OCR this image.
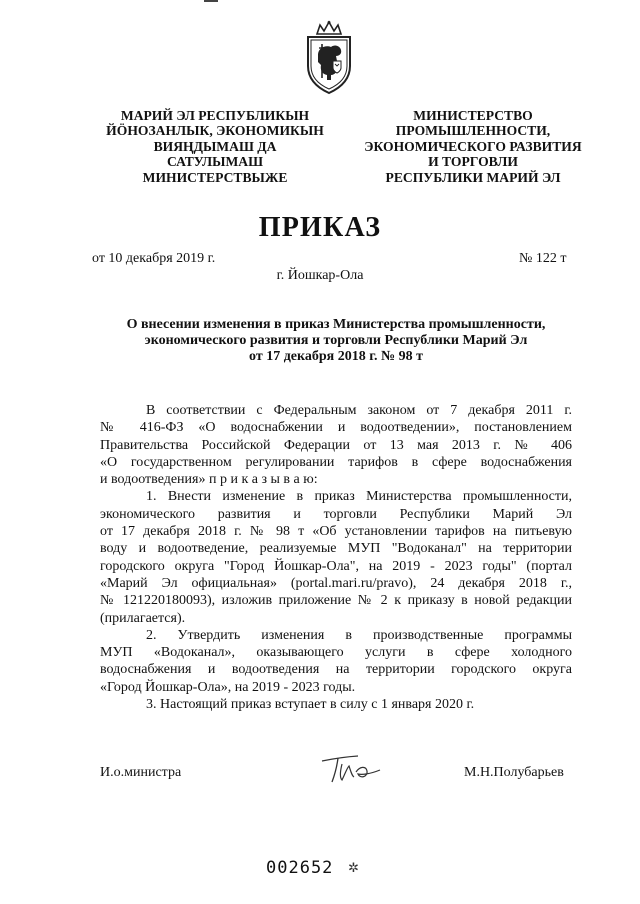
МАРИЙ ЭЛ РЕСПУБЛИКЫН
ЙÖНОЗАНЛЫК, ЭКОНОМИКЫН
ВИЯҢДЫМАШ ДА
САТУЛЫМАШ
МИНИСТЕРСТВЫЖЕ
МИНИСТЕРСТВО
ПРОМЫШЛЕННОСТИ,
ЭКОНОМИЧЕСКОГО РАЗВИТИЯ
И ТОРГОВЛИ
РЕСПУБЛИКИ МАРИЙ ЭЛ
ПРИКАЗ
от 10 декабря 2019 г.	№ 122 т
г. Йошкар-Ола
О внесении изменения в приказ Министерства промышленности,
экономического развития и торговли Республики Марий Эл
от 17 декабря 2018 г. № 98 т
В соответствии с Федеральным законом от 7 декабря 2011 г.
№ 416-ФЗ «О водоснабжении и водоотведении», постановлением
Правительства Российской Федерации от 13 мая 2013 г. № 406
«О государственном регулировании тарифов в сфере водоснабжения
и водоотведения» п р и к а з ы в а ю:
1. Внести изменение в приказ Министерства промышленности,
экономического развития и торговли Республики Марий Эл
от 17 декабря 2018 г. № 98 т «Об установлении тарифов на питьевую
воду и водоотведение, реализуемые МУП "Водоканал" на территории
городского округа "Город Йошкар-Ола", на 2019 - 2023 годы" (портал
«Марий Эл официальная» (portal.mari.ru/pravo), 24 декабря 2018 г.,
№ 121220180093), изложив приложение № 2 к приказу в новой редакции
(прилагается).
2. Утвердить изменения в производственные программы
МУП «Водоканал», оказывающего услуги в сфере холодного
водоснабжения и водоотведения на территории городского округа
«Город Йошкар-Ола», на 2019 - 2023 годы.
3. Настоящий приказ вступает в силу с 1 января 2020 г.
И.о.министра	М.Н.Полубарьев
002652 ✲
